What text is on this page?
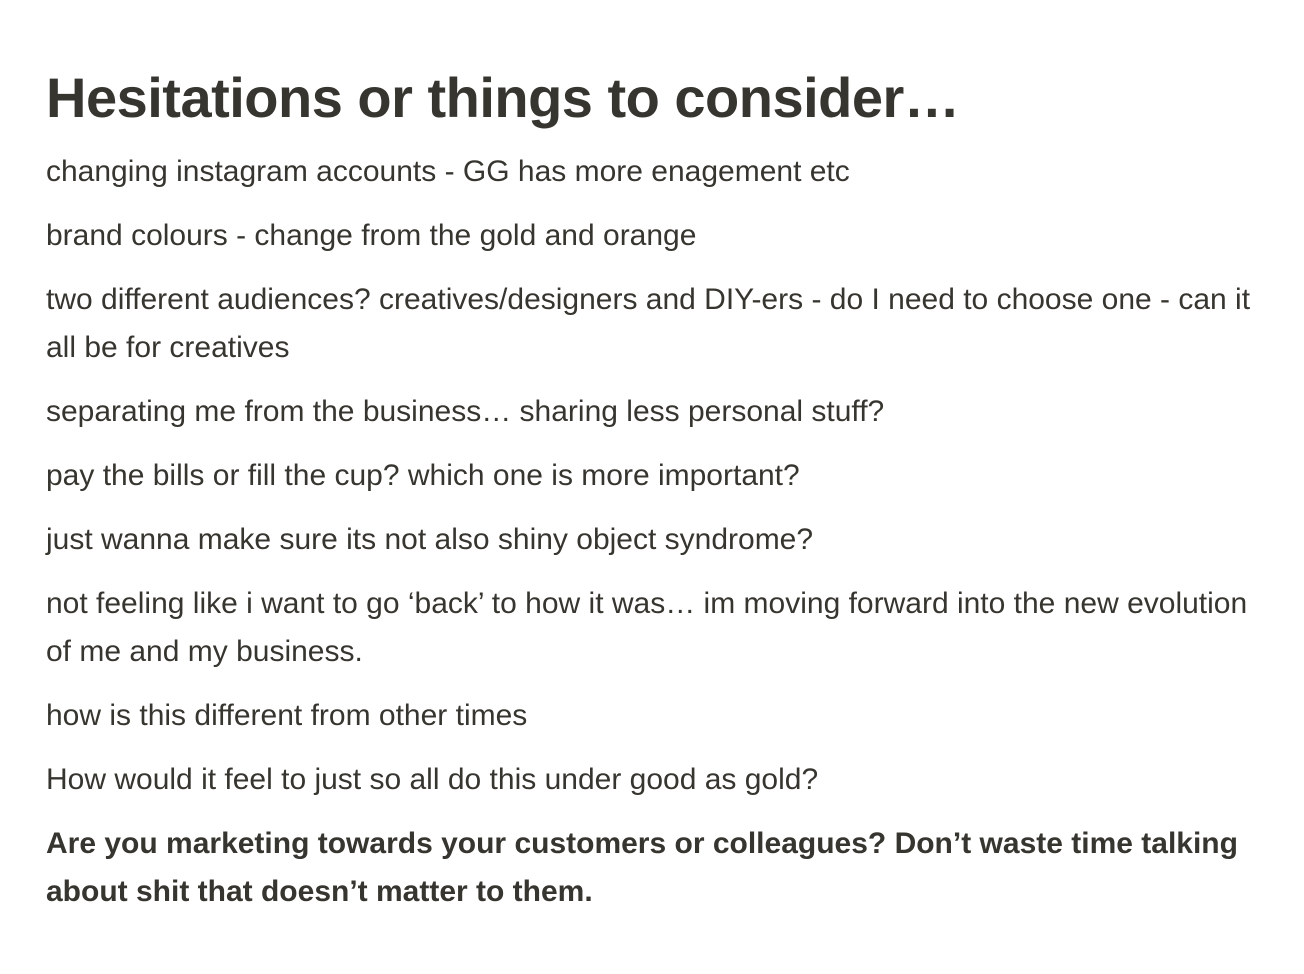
Hesitations or things to consider…
changing instagram accounts - GG has more enagement etc
brand colours - change from the gold and orange
two different audiences? creatives/designers and DIY-ers - do I need to choose one - can it all be for creatives
separating me from the business… sharing less personal stuff?
pay the bills or fill the cup? which one is more important?
just wanna make sure its not also shiny object syndrome?
not feeling like i want to go ‘back’ to how it was… im moving forward into the new evolution of me and my business.
how is this different from other times
How would it feel to just so all do this under good as gold?
Are you marketing towards your customers or colleagues? Don’t waste time talking about shit that doesn’t matter to them.
